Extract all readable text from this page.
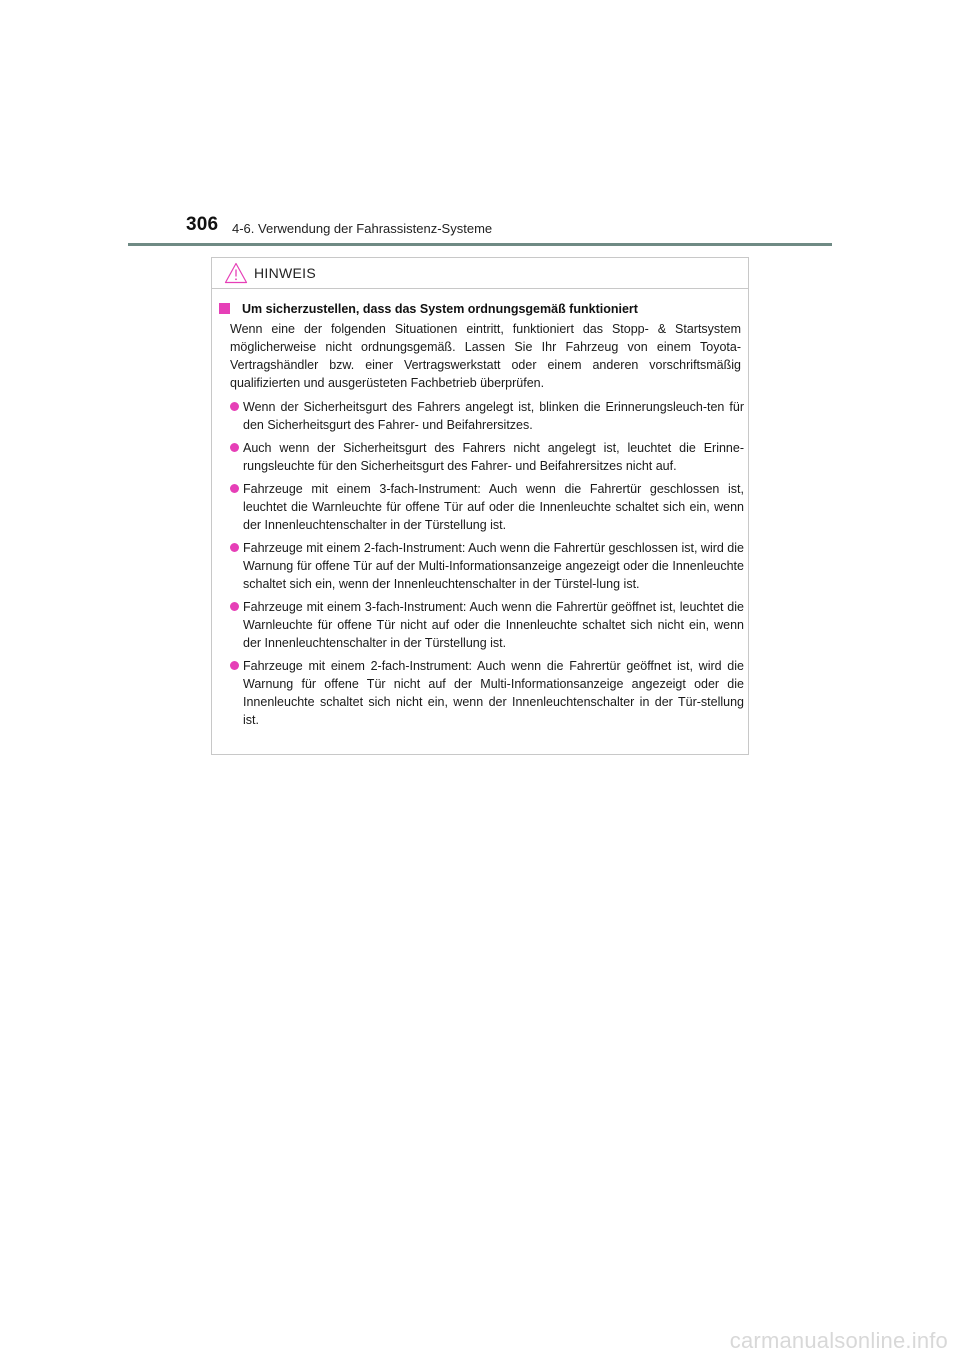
306 4-6. Verwendung der Fahrassistenz-Systeme
HINWEIS
Um sicherzustellen, dass das System ordnungsgemäß funktioniert
Wenn eine der folgenden Situationen eintritt, funktioniert das Stopp- & Startsystem möglicherweise nicht ordnungsgemäß. Lassen Sie Ihr Fahrzeug von einem Toyota-Vertragshändler bzw. einer Vertragswerkstatt oder einem anderen vorschriftsmäßig qualifizierten und ausgerüsteten Fachbetrieb überprüfen.
Wenn der Sicherheitsgurt des Fahrers angelegt ist, blinken die Erinnerungsleuch-ten für den Sicherheitsgurt des Fahrer- und Beifahrersitzes.
Auch wenn der Sicherheitsgurt des Fahrers nicht angelegt ist, leuchtet die Erinne-rungsleuchte für den Sicherheitsgurt des Fahrer- und Beifahrersitzes nicht auf.
Fahrzeuge mit einem 3-fach-Instrument: Auch wenn die Fahrertür geschlossen ist, leuchtet die Warnleuchte für offene Tür auf oder die Innenleuchte schaltet sich ein, wenn der Innenleuchtenschalter in der Türstellung ist.
Fahrzeuge mit einem 2-fach-Instrument: Auch wenn die Fahrertür geschlossen ist, wird die Warnung für offene Tür auf der Multi-Informationsanzeige angezeigt oder die Innenleuchte schaltet sich ein, wenn der Innenleuchtenschalter in der Türstel-lung ist.
Fahrzeuge mit einem 3-fach-Instrument: Auch wenn die Fahrertür geöffnet ist, leuchtet die Warnleuchte für offene Tür nicht auf oder die Innenleuchte schaltet sich nicht ein, wenn der Innenleuchtenschalter in der Türstellung ist.
Fahrzeuge mit einem 2-fach-Instrument: Auch wenn die Fahrertür geöffnet ist, wird die Warnung für offene Tür nicht auf der Multi-Informationsanzeige angezeigt oder die Innenleuchte schaltet sich nicht ein, wenn der Innenleuchtenschalter in der Tür-stellung ist.
carmanualsonline.info
